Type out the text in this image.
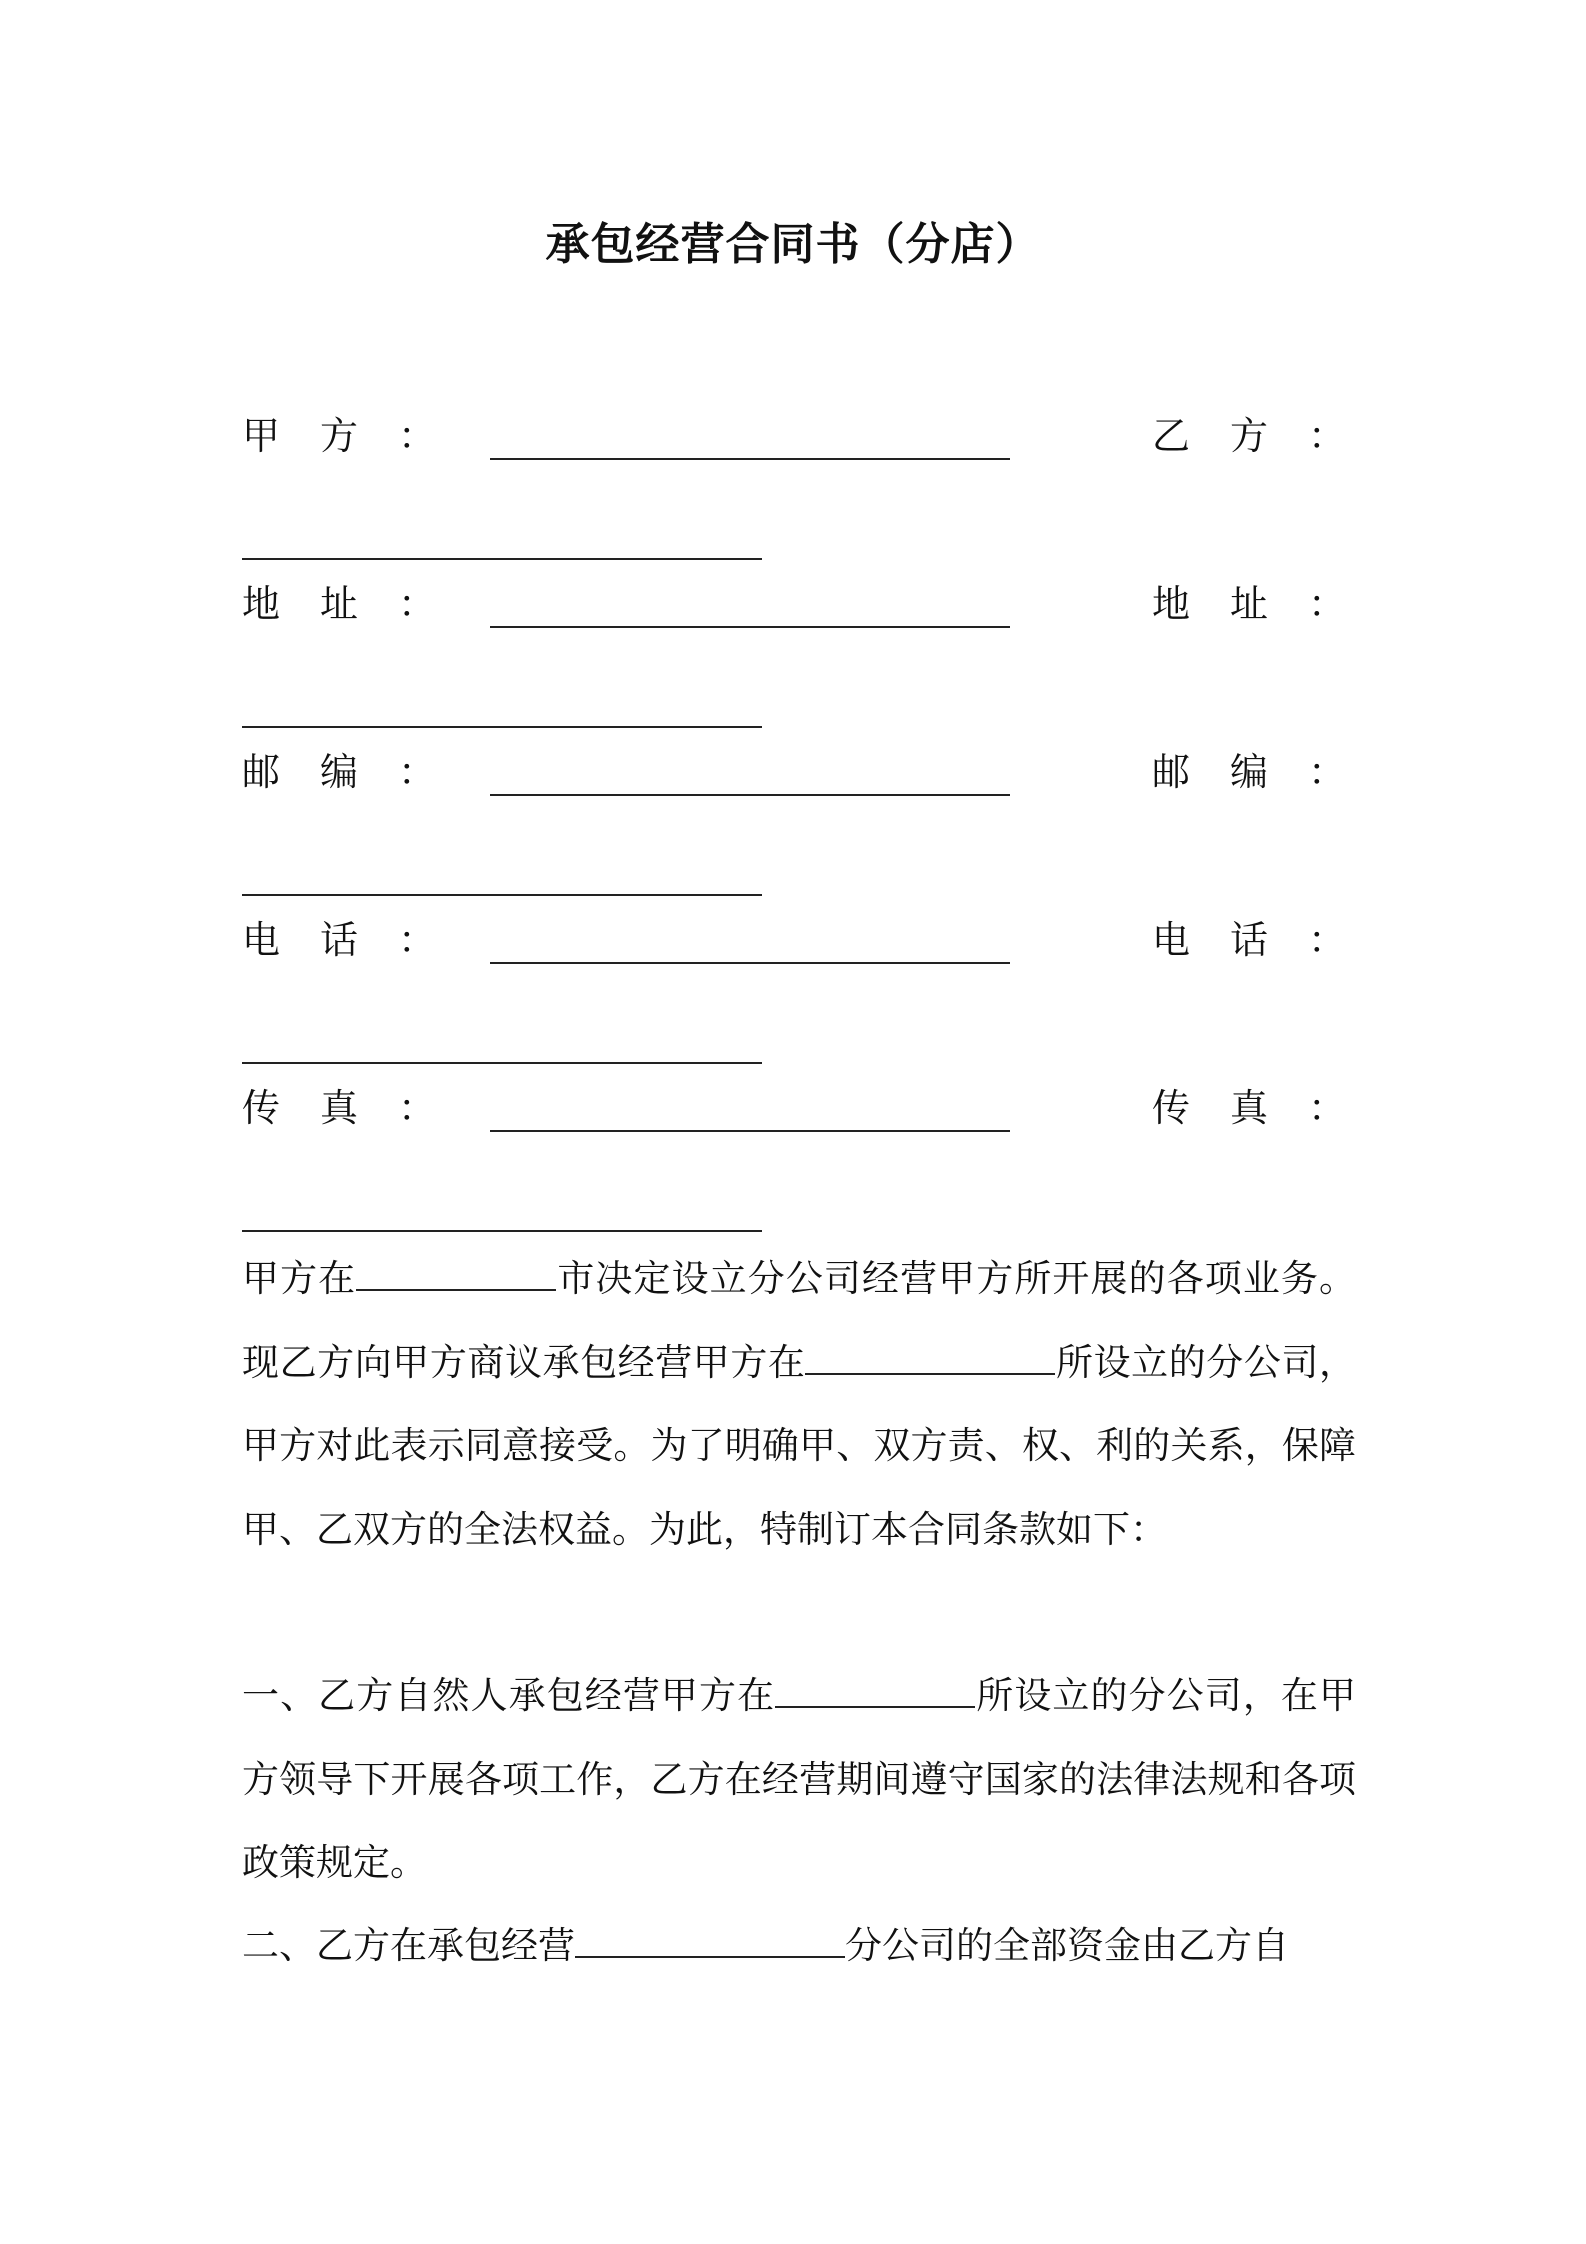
承包经营合同书（分店）
甲方：	乙方：
地址：	地址：
邮编：	邮编：
电话：	电话：
传真：	传真：
甲方在	市决定设立分公司经营甲方所开展的各项业务。现乙方向甲方商议承包经营甲方在	所设立的分公司，甲方对此表示同意接受。为了明确甲、双方责、权、利的关系，保障甲、乙双方的全法权益。为此，特制订本合同条款如下：
一、乙方自然人承包经营甲方在	所设立的分公司，在甲方领导下开展各项工作，乙方在经营期间遵守国家的法律法规和各项政策规定。
二、乙方在承包经营	分公司的全部资金由乙方自
